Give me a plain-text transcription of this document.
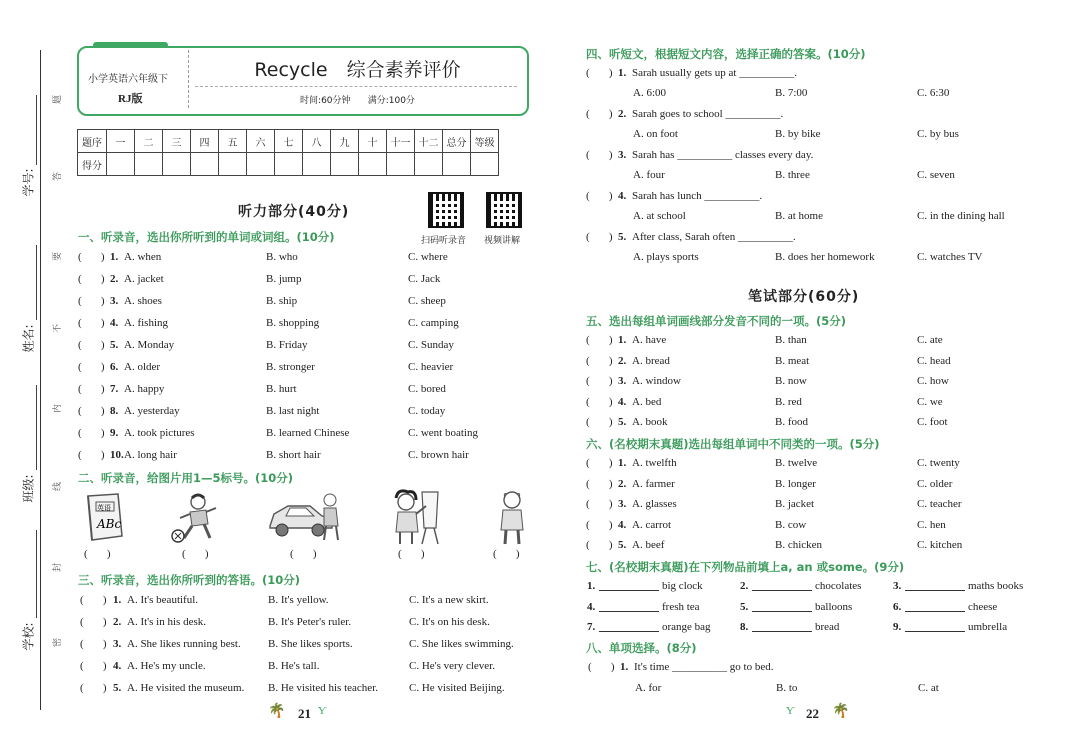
学号:
姓名:
班级:
学校:
题
答
要
不
内
线
封
密
小学英语六年级下
RJ版
Recycle　综合素养评价
时间:60分钟 满分:100分
题序	一	二	三	四	五	六	七	八	九	十	十一	十二	总分	等级
得分														
听力部分(40分)
扫码听录音 视频讲解
一、听录音，选出你所听到的单词或词组。(10分)
(       ) 1. A. when	B. who	C. where
(       ) 2. A. jacket	B. jump	C. Jack
(       ) 3. A. shoes	B. ship	C. sheep
(       ) 4. A. fishing	B. shopping	C. camping
(       ) 5. A. Monday	B. Friday	C. Sunday
(       ) 6. A. older	B. stronger	C. heavier
(       ) 7. A. happy	B. hurt	C. bored
(       ) 8. A. yesterday	B. last night	C. today
(       ) 9. A. took pictures	B. learned Chinese	C. went boating
(       ) 10. A. long hair	B. short hair	C. brown hair
二、听录音，给图片用1—5标号。(10分)
英语
ABc
(       )	(       )	(       )	(       )	(       )
三、听录音，选出你所听到的答语。(10分)
(       ) 1. A. It's beautiful.	B. It's yellow.	C. It's a new skirt.
(       ) 2. A. It's in his desk.	B. It's Peter's ruler.	C. It's on his desk.
(       ) 3. A. She likes running best. B. She likes sports.	C. She likes swimming.
(       ) 4. A. He's my uncle.	B. He's tall.	C. He's very clever.
(       ) 5. A. He visited the museum. B. He visited his teacher.	C. He visited Beijing.
🌴 21 Ƴ
四、听短文，根据短文内容，选择正确的答案。(10分)
(       ) 1. Sarah usually gets up at __________.
A. 6:00	B. 7:00	C. 6:30
(       ) 2. Sarah goes to school __________.
A. on foot	B. by bike	C. by bus
(       ) 3. Sarah has __________ classes every day.
A. four	B. three	C. seven
(       ) 4. Sarah has lunch __________.
A. at school	B. at home	C. in the dining hall
(       ) 5. After class, Sarah often __________.
A. plays sports	B. does her homework	C. watches TV
笔试部分(60分)
五、选出每组单词画线部分发音不同的一项。(5分)
(       ) 1. A. have	B. than	C. ate
(       ) 2. A. bread	B. meat	C. head
(       ) 3. A. window	B. now	C. how
(       ) 4. A. bed	B. red	C. we
(       ) 5. A. book	B. food	C. foot
六、(名校期末真题)选出每组单词中不同类的一项。(5分)
(       ) 1. A. twelfth	B. twelve	C. twenty
(       ) 2. A. farmer	B. longer	C. older
(       ) 3. A. glasses	B. jacket	C. teacher
(       ) 4. A. carrot	B. cow	C. hen
(       ) 5. A. beef	B. chicken	C. kitchen
七、(名校期末真题)在下列物品前填上a, an 或some。(9分)
1.	big clock	2.	chocolates	3.	maths books
4.	fresh tea	5.	balloons	6.	cheese
7.	orange bag	8.	bread	9.	umbrella
八、单项选择。(8分)
(       ) 1. It's time __________ go to bed.
A. for	B. to	C. at
Ƴ 22 🌴
